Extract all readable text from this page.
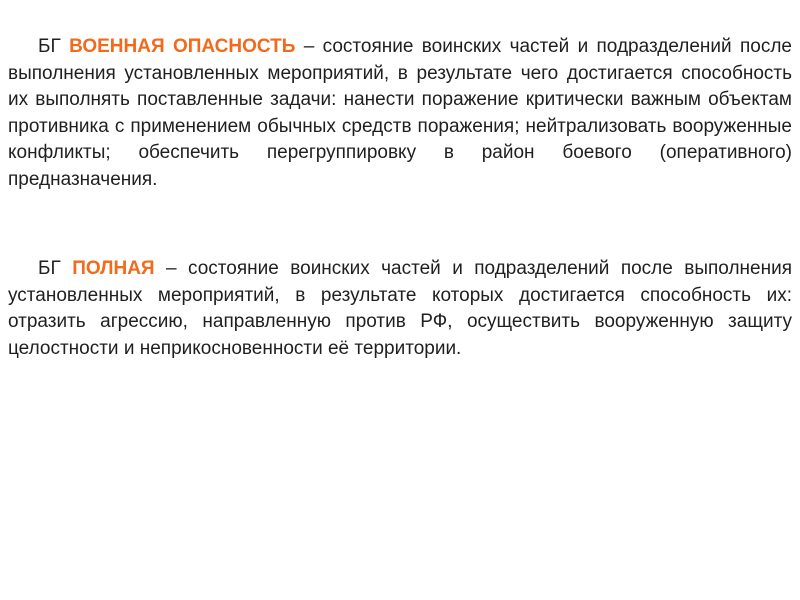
БГ ВОЕННАЯ ОПАСНОСТЬ – состояние воинских частей и подразделений после выполнения установленных мероприятий, в результате чего достигается способность их выполнять поставленные задачи: нанести поражение критически важным объектам противника с применением обычных средств поражения; нейтрализовать вооруженные конфликты; обеспечить перегруппировку в район боевого (оперативного) предназначения.

БГ ПОЛНАЯ – состояние воинских частей и подразделений после выполнения установленных мероприятий, в результате которых достигается способность их: отразить агрессию, направленную против РФ, осуществить вооруженную защиту целостности и неприкосновенности её территории.
